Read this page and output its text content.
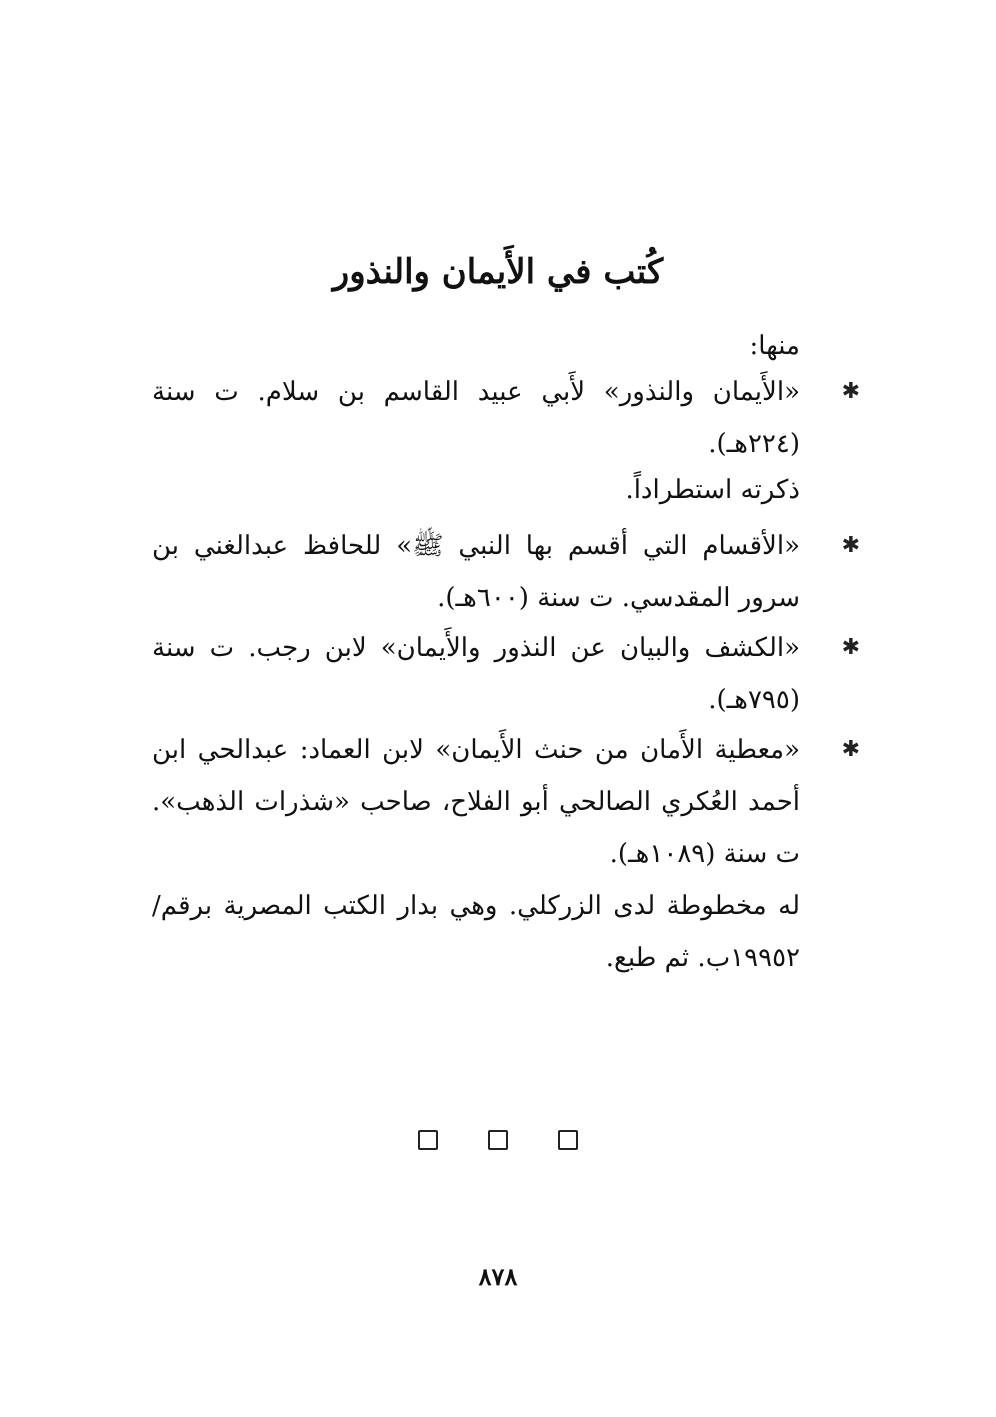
كُتب في الأَيمان والنذور

منها:

✱

«الأَيمان والنذور» لأَبي عبيد القاسم بن سلام. ت سنة (٢٢٤هـ).

ذكرته استطراداً.

✱

«الأقسام التي أقسم بها النبي ﷺ» للحافظ عبدالغني بن سرور المقدسي. ت سنة (٦٠٠هـ).

✱

«الكشف والبيان عن النذور والأَيمان» لابن رجب. ت سنة (٧٩٥هـ).

✱

«معطية الأَمان من حنث الأَيمان» لابن العماد: عبدالحي ابن أحمد العُكري الصالحي أبو الفلاح، صاحب «شذرات الذهب». ت سنة (١٠٨٩هـ).

له مخطوطة لدى الزركلي. وهي بدار الكتب المصرية برقم/ ١٩٩٥٢ب. ثم طبع.

٨٧٨
